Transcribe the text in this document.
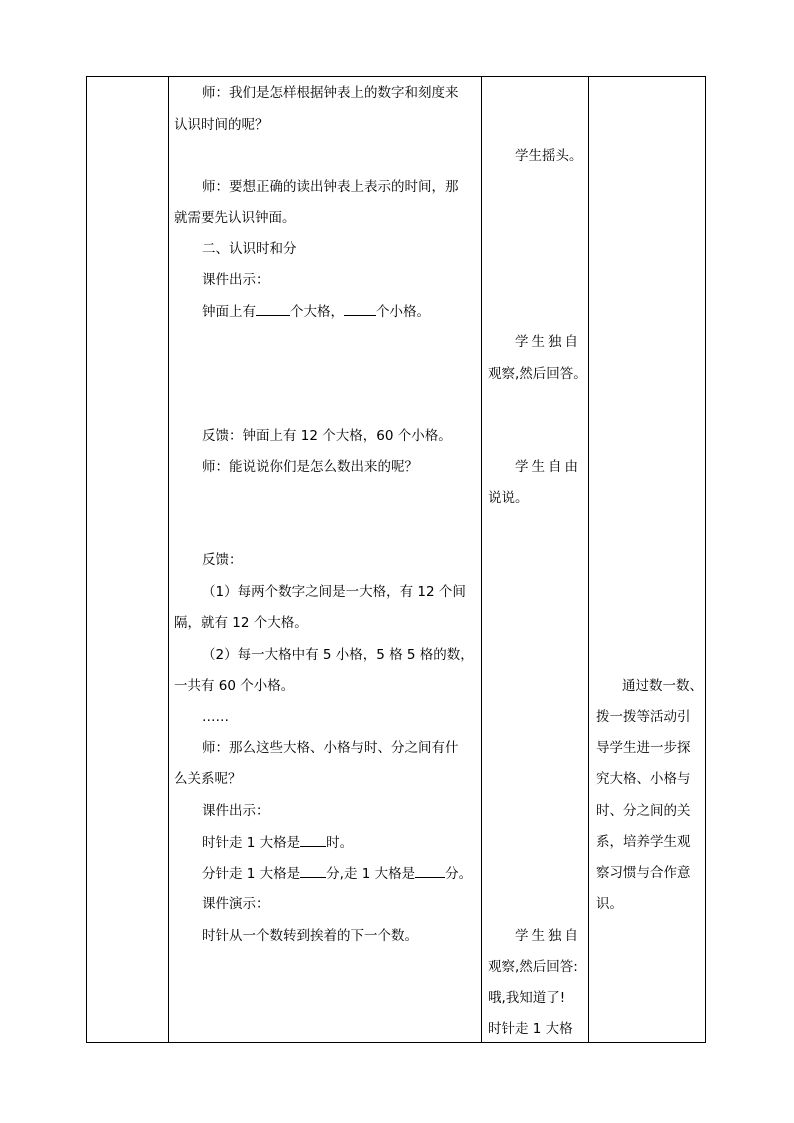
师：我们是怎样根据钟表上的数字和刻度来
认识时间的呢？
师：要想正确的读出钟表上表示的时间，那
就需要先认识钟面。
二、认识时和分
课件出示：
钟面上有	个大格， 个小格。
反馈：钟面上有 12 个大格，60 个小格。
师：能说说你们是怎么数出来的呢？
反馈：
（1）每两个数字之间是一大格，有 12 个间
隔，就有 12 个大格。
（2）每一大格中有 5 小格，5 格 5 格的数，
一共有 60 个小格。
……
师：那么这些大格、小格与时、分之间有什
么关系呢？
课件出示：
时针走 1 大格是 时。
分针走 1 大格是 分,走 1 大格是 分。
课件演示：
时针从一个数转到挨着的下一个数。
学生摇头。
学生独自
观察,然后回答。
学生自由
说说。
学生独自
观察,然后回答:
哦,我知道了!
时针走 1 大格
通过数一数、
拨一拨等活动引
导学生进一步探
究大格、小格与
时、分之间的关
系，培养学生观
察习惯与合作意
识。
